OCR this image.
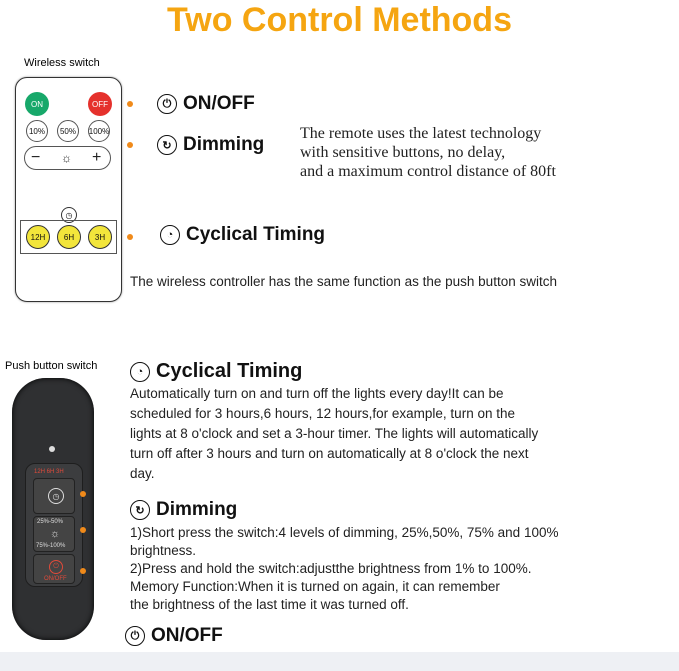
Two Control Methods
Wireless switch
ON	OFF
10%	50%	100%
− ☼ +
◷
12H	6H	3H
⏻ ON/OFF
↻ Dimming
◔ Cyclical Timing
The remote uses the latest technology
with sensitive buttons, no delay,
and a maximum control distance of 80ft
The wireless controller has the same function as the push button switch
Push button switch
12H 6H 3H
◷
25%-50%
☼
75%-100%
⏻
ON/OFF
◔ Cyclical Timing
Automatically turn on and turn off the lights every day!It can be
scheduled for 3 hours,6 hours, 12 hours,for example, turn on the
lights at 8 o'clock and set a 3-hour timer. The lights will automatically
turn off after 3 hours and turn on automatically at 8 o'clock the next
day.
↻ Dimming
1)Short press the switch:4 levels of dimming, 25%,50%, 75% and 100%
brightness.
2)Press and hold the switch:adjustthe brightness from 1% to 100%.
Memory Function:When it is turned on again, it can remember
the brightness of the last time it was turned off.
⏻ ON/OFF
